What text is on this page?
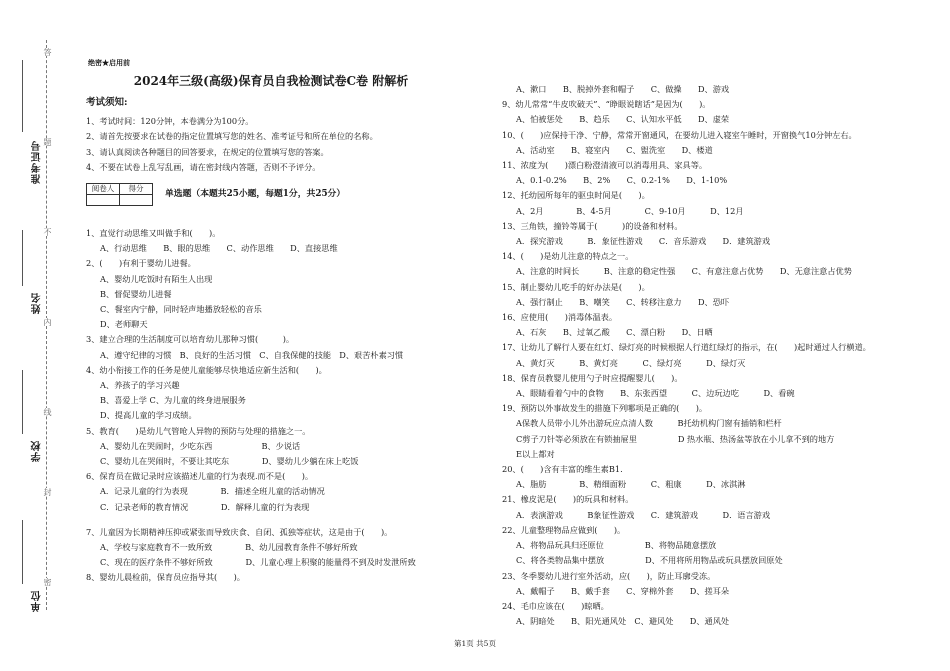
答
题
不
内
线
封
密
准考证号
姓名
学校
单位
绝密★启用前
2024年三级(高级)保育员自我检测试卷C卷 附解析
考试须知:

1、考试时间：120分钟，本卷满分为100分。

2、请首先按要求在试卷的指定位置填写您的姓名、准考证号和所在单位的名称。

3、请认真阅读各种题目的回答要求，在规定的位置填写您的答案。

4、不要在试卷上乱写乱画，请在密封线内答题，否则不予评分。

阅卷人	得分

单选题（本题共25小题，每题1分，共25分）
1、直觉行动思维又叫做手和(　　)。
A、行动思维　　B、眼的思维　　C、动作思维　　D、直接思维
2、(　　)有利于婴幼儿进餐。
A、婴幼儿吃饭时有陌生人出现
B、督促婴幼儿进餐
C、餐室内宁静，同时轻声地播放轻松的音乐
D、老师聊天
3、建立合理的生活制度可以培育幼儿那种习惯(　　　)。
A、遵守纪律的习惯　B、良好的生活习惯　C、自我保健的技能　D、艰苦朴素习惯
4、幼小衔接工作的任务是使儿童能够尽快地适应新生活和(　　)。
A、养孩子的学习兴趣
B、喜爱上学 C、为儿童的终身进展服务
D、提高儿童的学习成绩。
5、教育(　　)是幼儿气管呛人异物的预防与处理的措施之一。
A、婴幼儿在哭闹时，少吃东西　　　　　　B、少说话
C、婴幼儿在哭闹时，不要让其吃东　　　　D、婴幼儿少躺在床上吃饭
6、保育员在做记录时应该描述儿童的行为表现.而不是(　　)。
A．记录儿童的行为表现　　　　B．描述全班儿童的活动情况
C．记录老师的教育情况　　　　D．解释儿童的行为表现
7、儿童因为长期精神压抑或紧张而导致庆食、自闭、孤独等症状，这是由于(　　)。
A、学校与家庭教育不一致所致　　　　B、幼儿园教育条件不够好所致
C、现在的医疗条件不够好所致　　　　D、儿童心理上积聚的能量得不到及时发泄所致
8、婴幼儿晨检前，保育员应指导其(　　)。
A、漱口　　B、脱掉外套和帽子　　C、做操　　D、游戏
9、幼儿常常“牛皮吹破天”、“睁眼说瞎话”是因为(　　)。
A、怕被惩处　　B、趋乐　　C、认知水平低　　D、虚荣
10、(　　)应保持干净、宁静，常常开窗通风，在要幼儿进入寝室午睡时，开窗换气10分钟左右。
A、活动室　　B、寝室内　　C、盥洗室　　D、楼道
11、浓度为(　　)漂白粉澄清液可以消毒用具、家具等。
A、0.1-0.2%　　B、2%　　C、0.2-1%　　D、1-10%
12、托幼园所每年的驱虫时间是(　　)。
A、2月　　　　B、4-5月　　　　C、9-10月　　　D、12月
13、三角铁，撞铃等属于(　　　)的设备和材料。
A．探究游戏　　　B．象征性游戏　　C．音乐游戏　　D．建筑游戏
14、(　　)是幼儿注意的特点之一。
A、注意的时间长　　　B、注意的稳定性强　　C、有意注意占优势　　D、无意注意占优势
15、制止婴幼儿吃手的好办法是(　　)。
A、强行制止　　B、嘲笑　　C、转移注意力　　D、恐吓
16、应使用(　　)消毒体温表。
A、石灰　　B、过氧乙酸　　C、漂白粉　　D、日晒
17、让幼儿了解行人要在红灯、绿灯亮的时候根据人行道红绿灯的指示，在(　　)起时通过人行横道。
A、黄灯灭　　　B、黄灯亮　　　C、绿灯亮　　　D、绿灯灭
18、保育员教婴儿使用勺子时应提醒婴儿(　　)。
A、眼睛看着勺中的食物　　B、东张西望　　　C、边玩边吃　　　D、看碗
19、预防以外事故发生的措施下列哪项是正确的(　　)。
A保教人员带小儿外出游玩应点清人数　　　B托幼机构门窗有插销和栏杆
C剪子刀针等必须放在有锁抽屉里　　　　　D 热水瓶、热汤盆等放在小儿拿不到的地方
E以上都对
20、(　　)含有丰富的维生素B1.
A、脂肪　　　　B、精细面粉　　　C、粗康　　　D、冰淇淋
21、橡皮泥是(　　)的玩具和材料。
A．表演游戏　　　B象征性游戏　　C．建筑游戏　　　D．语言游戏
22、儿童整理物品应做到(　　)。
A、将物品玩具归还原位　　　　　B、将物品随意摆放
C、将各类物品集中摆放　　　　　D、不用将所用物品或玩具摆放回原处
23、冬季婴幼儿进行室外活动，应(　　)，防止耳廓受冻。
A、戴帽子　　B、戴手套　　C、穿棉外套　　D、搓耳朵
24、毛巾应该在(　　)晾晒。
A、阴暗处　　B、阳光通风处　C、避风处　　D、通风处
第1页 共5页
